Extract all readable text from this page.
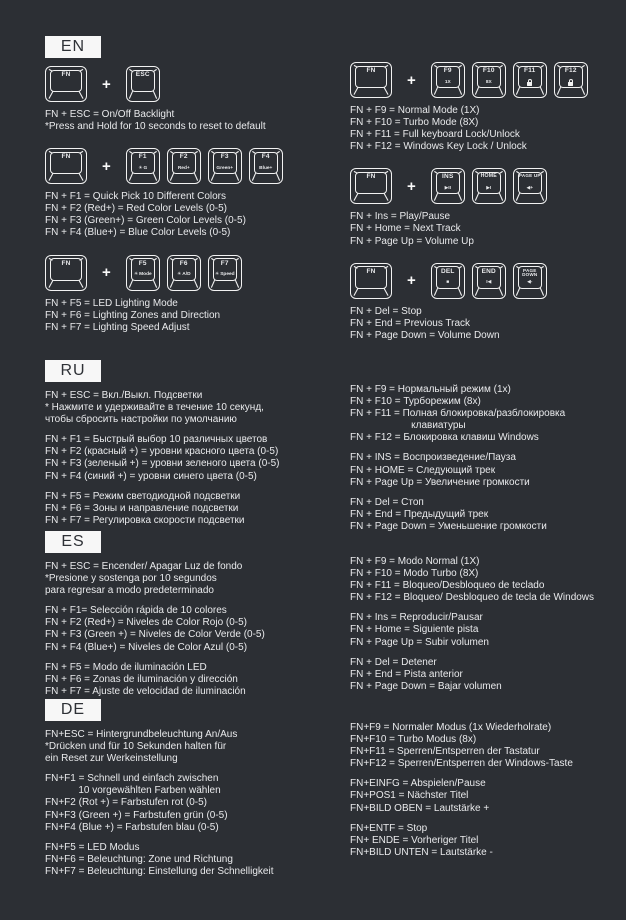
EN
FN
+
ESC
FN + ESC = On/Off Backlight
*Press and Hold for 10 seconds to reset to default
FN
+
F1
☀ G
F2
Red+
F3
Green+
F4
Blue+
FN + F1 = Quick Pick 10 Different Colors
FN + F2 (Red+) = Red Color Levels (0-5)
FN + F3 (Green+) = Green Color Levels (0-5)
FN + F4 (Blue+) = Blue Color Levels (0-5)
FN
+
F5
☀ Mode
F6
☀ A/D
F7
☀ Speed
FN + F5 = LED Lighting Mode
FN + F6 = Lighting Zones and Direction
FN + F7 = Lighting Speed Adjust
FN
+
F9
1X
F10
8X
F11	F12
FN + F9 = Normal Mode (1X)
FN + F10 = Turbo Mode (8X)
FN + F11 = Full keyboard Lock/Unlock
FN + F12 = Windows Key Lock / Unlock
FN
+
INS
▶II
HOME
▶I
PAGE UP
◀+
FN + Ins = Play/Pause
FN + Home = Next Track
FN + Page Up = Volume Up
FN
+
DEL
■
END
I◀
PAGE DOWN
◀-
FN + Del = Stop
FN + End = Previous Track
FN + Page Down = Volume Down
RU
FN + ESC = Вкл./Выкл. Подсветки
* Нажмите и удерживайте в течение 10 секунд,
чтобы сбросить настройки по умолчанию
FN + F1 = Быстрый выбор 10 различных цветов
FN + F2 (красный +) = уровни красного цвета (0-5)
FN + F3 (зеленый +) = уровни зеленого цвета (0-5)
FN + F4 (синий +) = уровни синего цвета (0-5)
FN + F5 = Режим светодиодной подсветки
FN + F6 = Зоны и направление подсветки
FN + F7 = Регулировка скорости подсветки
FN + F9 = Нормальный режим (1х)
FN + F10 = Турборежим (8х)
FN + F11 = Полная блокировка/разблокировка
клавиатуры
FN + F12 = Блокировка клавиш Windows
FN + INS = Воспроизведение/Пауза
FN + HOME = Следующий трек
FN + Page Up = Увеличение громкости
FN + Del = Стоп
FN + End = Предыдущий трек
FN + Page Down = Уменьшение громкости
ES
FN + ESC = Encender/ Apagar Luz de fondo
*Presione y sostenga por 10 segundos
para regresar a modo predeterminado
FN + F1= Selección rápida de 10 colores
FN + F2 (Red+) = Niveles de Color Rojo (0-5)
FN + F3 (Green +) = Niveles de Color Verde (0-5)
FN + F4 (Blue+) = Niveles de Color Azul (0-5)
FN + F5 = Modo de iluminación LED
FN + F6 = Zonas de iluminación y dirección
FN + F7 = Ajuste de velocidad de iluminación
FN + F9 = Modo Normal (1X)
FN + F10 = Modo Turbo (8X)
FN + F11 = Bloqueo/Desbloqueo de teclado
FN + F12 = Bloqueo/ Desbloqueo de tecla de Windows
FN + Ins = Reproducir/Pausar
FN + Home = Siguiente pista
FN + Page Up = Subir volumen
FN + Del = Detener
FN + End = Pista anterior
FN + Page Down = Bajar volumen
DE
FN+ESC = Hintergrundbeleuchtung An/Aus
*Drücken und für 10 Sekunden halten für
ein Reset zur Werkeinstellung
FN+F1 = Schnell und einfach zwischen
10 vorgewählten Farben wählen
FN+F2 (Rot +) = Farbstufen rot (0-5)
FN+F3 (Green +) = Farbstufen grün (0-5)
FN+F4 (Blue +) = Farbstufen blau (0-5)
FN+F5 = LED Modus
FN+F6 = Beleuchtung: Zone und Richtung
FN+F7 = Beleuchtung: Einstellung der Schnelligkeit
FN+F9 = Normaler Modus (1x Wiederholrate)
FN+F10 = Turbo Modus (8x)
FN+F11 = Sperren/Entsperren der Tastatur
FN+F12 = Sperren/Entsperren der Windows-Taste
FN+EINFG = Abspielen/Pause
FN+POS1 = Nächster Titel
FN+BILD OBEN = Lautstärke +
FN+ENTF = Stop
FN+ ENDE = Vorheriger Titel
FN+BILD UNTEN = Lautstärke -
